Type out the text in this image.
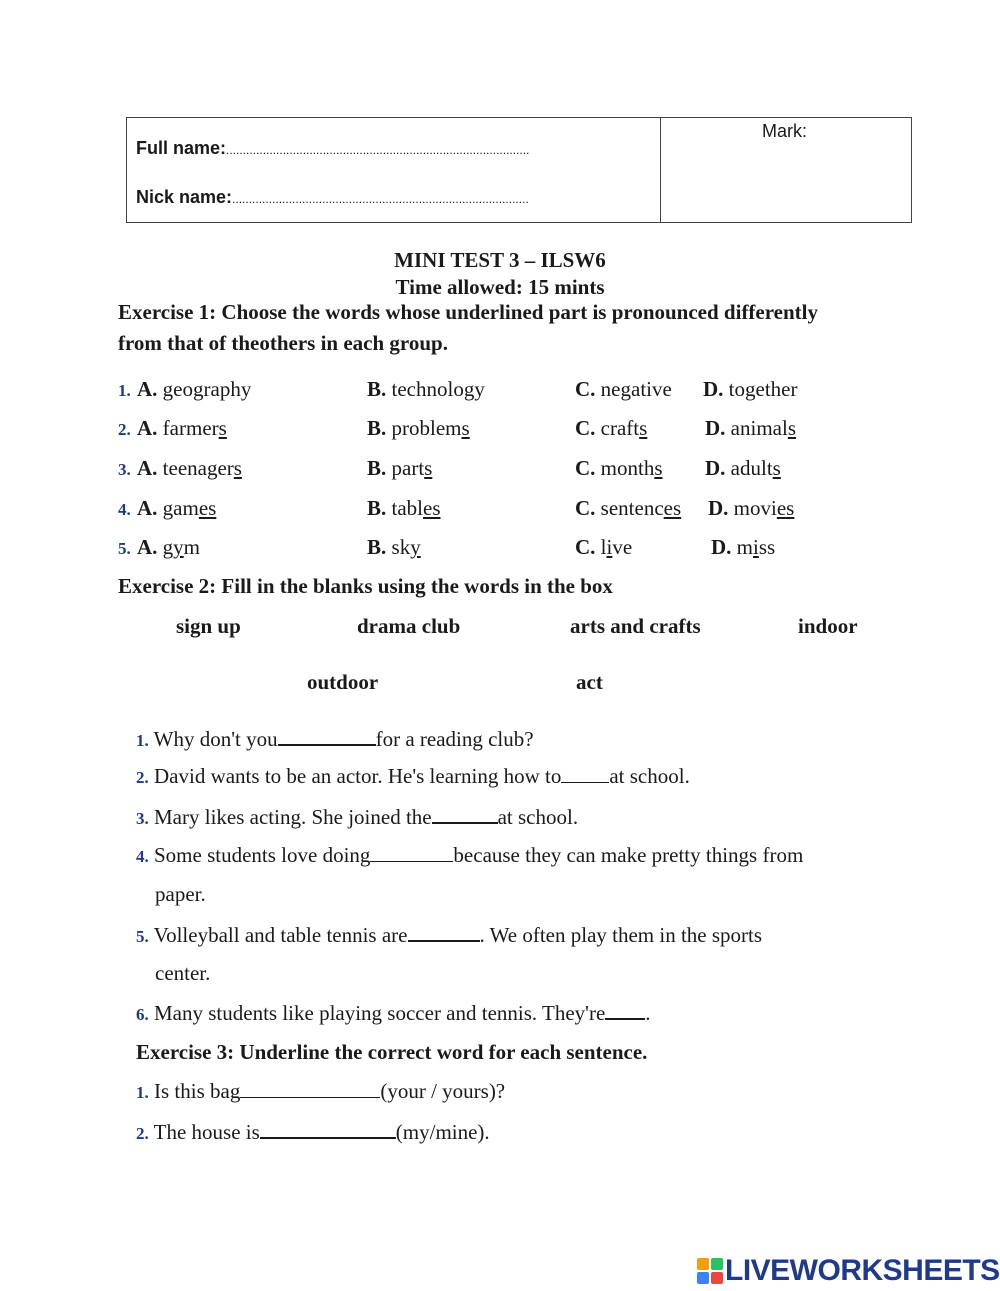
Full name:...........................................................................................
Nick name:.........................................................................................
Mark:
MINI TEST 3 – ILSW6
Time allowed: 15 mints
Exercise 1: Choose the words whose underlined part is pronounced differently
from that of theothers in each group.
1. A. geography	B. technology	C. negative D. together
2. A. farmers	B. problems	C. crafts	D. animals
3. A. teenagers	B. parts	C. months D. adults
4. A. games	B. tables	C. sentences D. movies
5. A. gym	B. sky	C. live	D. miss
Exercise 2: Fill in the blanks using the words in the box
sign up	drama club	arts and crafts	indoor
outdoor	act
1. Why don't you	for a reading club?
2. David wants to be an actor. He's learning how to at school.
3. Mary likes acting. She joined the	at school.
4. Some students love doing	because they can make pretty things from
paper.
5. Volleyball and table tennis are	. We often play them in the sports
center.
6. Many students like playing soccer and tennis. They're .
Exercise 3: Underline the correct word for each sentence.
1. Is this bag	(your / yours)?
2. The house is	(my/mine).
LIVEWORKSHEETS
